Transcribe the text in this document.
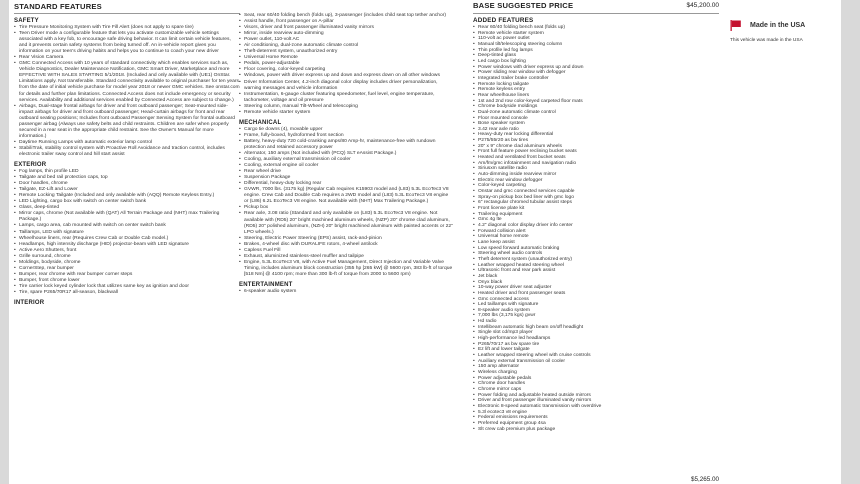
STANDARD FEATURES
SAFETY
• Tire Pressure Monitoring System with Tire Fill Alert (does not apply to spare tire)
• Teen Driver mode a configurable feature that lets you activate customizable vehicle settings associated with a key fob, to encourage safe driving behavior. It can limit certain vehicle features, and it prevents certain safety systems from being turned off. An in-vehicle report gives you information on your teen's driving habits and helps you to continue to coach your new driver
• Rear Vision Camera
• GMC Connected Access with 10 years of standard connectivity which enables services such as, Vehicle Diagnostics, Dealer Maintenance Notification, GMC Smart Driver, Marketplace and more EFFECTIVE WITH SALES STARTING 5/1/2018. (Included and only available with (UE1) OnStar. Limitations apply. Not transferable. Standard connectivity available to original purchaser for ten years from the date of initial vehicle purchase for model year 2018 or newer GMC vehicles. See onstar.com for details and further plan limitations. Connected Access does not include emergency or security services. Availability and additional services enabled by Connected Access are subject to change.)
• Airbags, Dual-stage frontal airbags for driver and front outboard passenger; Seat-mounted side-impact airbags for driver and front outboard passenger; Head-curtain airbags for front and rear outboard seating positions; Includes front outboard Passenger Sensing System for frontal outboard passenger airbag (Always use safety belts and child restraints. Children are safer when properly secured in a rear seat in the appropriate child restraint. See the Owner's Manual for more information.)
• Daytime Running Lamps with automatic exterior lamp control
• StabiliTrak, stability control system with Proactive Roll Avoidance and traction control, includes electronic trailer sway control and hill start assist
EXTERIOR
• Fog lamps, thin profile LED
• Tailgate and bed rail protection caps, top
• Door handles, chrome
• Tailgate, EZ-Lift and Lower
• Remote Locking Tailgate (Included and only available with (AQQ) Remote Keyless Entry.)
• LED Lighting, cargo box with switch on center switch bank
• Glass, deep-tinted
• Mirror caps, chrome (Not available with (QAT) All Terrain Package and (NHT) max Trailering Package.)
• Lamps, cargo area, cab mounted with switch on center switch bank
• Taillamps, LED with signature
• Wheelhouse liners, rear (Requires Crew Cab or Double Cab model.)
• Headlamps, high intensity discharge (HID) projector-beam with LED signature
• Active Aero Shutters, front
• Grille surround, chrome
• Moldings, bodyside, chrome
• CornerStep, rear bumper
• Bumper, rear chrome with rear bumper corner steps
• Bumper, front chrome lower
• Tire carrier lock keyed cylinder lock that utilizes same key as ignition and door
• Tire, spare P265/70R17 all-season, blackwall
INTERIOR
• Seat, rear 60/40 folding bench (folds up), 3-passenger (includes child seat top tether anchor)
• Assist handle, front passenger on A-pillar
• Visors, driver and front passenger illuminated vanity mirrors
• Mirror, inside rearview auto-dimming
• Power outlet, 110-volt AC
• Air conditioning, dual-zone automatic climate control
• Theft-deterrent system, unauthorized entry
• Universal Home Remote
• Pedals, power-adjustable
• Floor covering, color-keyed carpeting
• Windows, power with driver express up and down and express down on all other windows
• Driver Information Center, 4.2-inch diagonal color display includes driver personalization, warning messages and vehicle information
• Instrumentation, 6-gauge cluster featuring speedometer, fuel level, engine temperature, tachometer, voltage and oil pressure
• Steering column, manual Tilt-Wheel and telescoping
• Remote vehicle starter system
MECHANICAL
• Cargo tie downs (4), movable upper
• Frame, fully-boxed, hydroformed front section
• Battery, heavy-duty 720 cold-cranking amps/80 Amp-hr, maintenance-free with rundown protection and retained accessory power
• Alternator, 150 amps (Not included with (PCQ) SLT eAssist Package.)
• Cooling, auxiliary external transmission oil cooler
• Cooling, external engine oil cooler
• Rear wheel drive
• Suspension Package
• Differential, heavy-duty locking rear
• GVWR, 7000 lbs. (3175 kg) (Regular Cab requires K15903 model and (L83) 5.3L EcoTec3 V8 engine. Crew Cab and Double Cab requires a 2WD model and (L83) 5.3L EcoTec3 V8 engine or (L86) 6.2L EcoTec3 V8 engine. Not available with (NHT) Max Trailering Package.)
• Pickup box
• Rear axle, 3.08 ratio (Standard and only available on (L83) 5.3L EcoTec3 V8 engine. Not available with (RD5) 20" bright machined aluminum wheels, (NZP) 20" chrome clad aluminum, (RD5) 20" polished aluminum, (NZH) 20" bright machined aluminum with painted accents or 22" LPO wheels.)
• Steering, Electric Power Steering (EPS) assist, rack-and-pinion
• Brakes, 4-wheel disc with DURALIFE rotors, 4-wheel antilock
• Capless Fuel Fill
• Exhaust, aluminized stainless-steel muffler and tailpipe
• Engine, 5.3L EcoTec3 V8, with Active Fuel Management, Direct Injection and Variable Valve Timing, includes aluminum block construction (355 hp [265 kW] @ 5600 rpm, 383 lb-ft of torque [518 Nm] @ 4100 rpm; more than 300 lb-ft of torque from 2000 to 5600 rpm)
ENTERTAINMENT
• 6-speaker audio system
BASE SUGGESTED PRICE	$45,200.00
ADDED FEATURES
• Rear 60/40 folding bench seat (folds up)
• Remote vehicle starter system
• 110-volt ac power outlet
• Manual tilt/telescoping steering column
• Thin profile led fog lamps
• Deep-tinted glass
• Led cargo box lighting
• Power windows with driver express up and down
• Power sliding rear window with defogger
• Integrated trailer brake controller
• Remote locking tailgate
• Remote keyless entry
• Rear wheelhouse liners
• 1st and 2nd row color-keyed carpeted floor mats
• Chrome bodyside moldings
• Dual-zone automatic climate control
• Floor mounted console
• Bose speaker system
• 3.42 rear axle ratio
• Heavy-duty rear locking differential
• P275/55r20 as bw tires
• 20" x 9" chrome clad aluminum wheels
• Front full feature power reclining bucket seats
• Heated and ventilated front bucket seats
• Am/fm/gmc infotainment and navigation radio
• Siriusxm satellite radio
• Auto-dimming inside rearview mirror
• Electric rear window defogger
• Color-keyed carpeting
• Onstar and gmc connected services capable
• Spray-on pickup box bed liner with gmc logo
• 6" rectangular chromed tubular assist steps
• Front license plate kit
• Trailering equipment
• Gmc 4g lte
• 4.2" diagonal color display driver info center
• Forward collision alert
• Universal home remote
• Lane keep assist
• Low speed forward automatic braking
• Steering wheel audio controls
• Theft deterrent system (unauthorized entry)
• Leather wrapped heated steering wheel
• Ultrasonic front and rear park assist
• Jet black
• Onyx black
• 10-way power driver seat adjuster
• Heated driver and front passenger seats
• Gmc connected access
• Led taillamps with signature
• 8-speaker audio system
• 7,000 lbs (3,175 kgs) gvwr
• Hd radio
• Intellibeam automatic high beam on/off headlight
• Single slot cd/mp3 player
• High-performance led headlamps
• P265/70r17 as bw spare tire
• Ez lift and lower tailgate
• Leather wrapped steering wheel with cruise controls
• Auxiliary external transmission oil cooler
• 150 amp alternator
• Wireless charging
• Power adjustable pedals
• Chrome door handles
• Chrome mirror caps
• Power folding and adjustable heated outside mirrors
• Driver and front passenger illuminated vanity mirrors
• Electronic 8-speed automatic transmission with overdrive
• 5.3l ecotec3 v8 engine
• Federal emissions requirements
• Preferred equipment group 4sa
• Slt crew cab premium plus package
$5,265.00
Made in the USA
This vehicle was made in the USA
